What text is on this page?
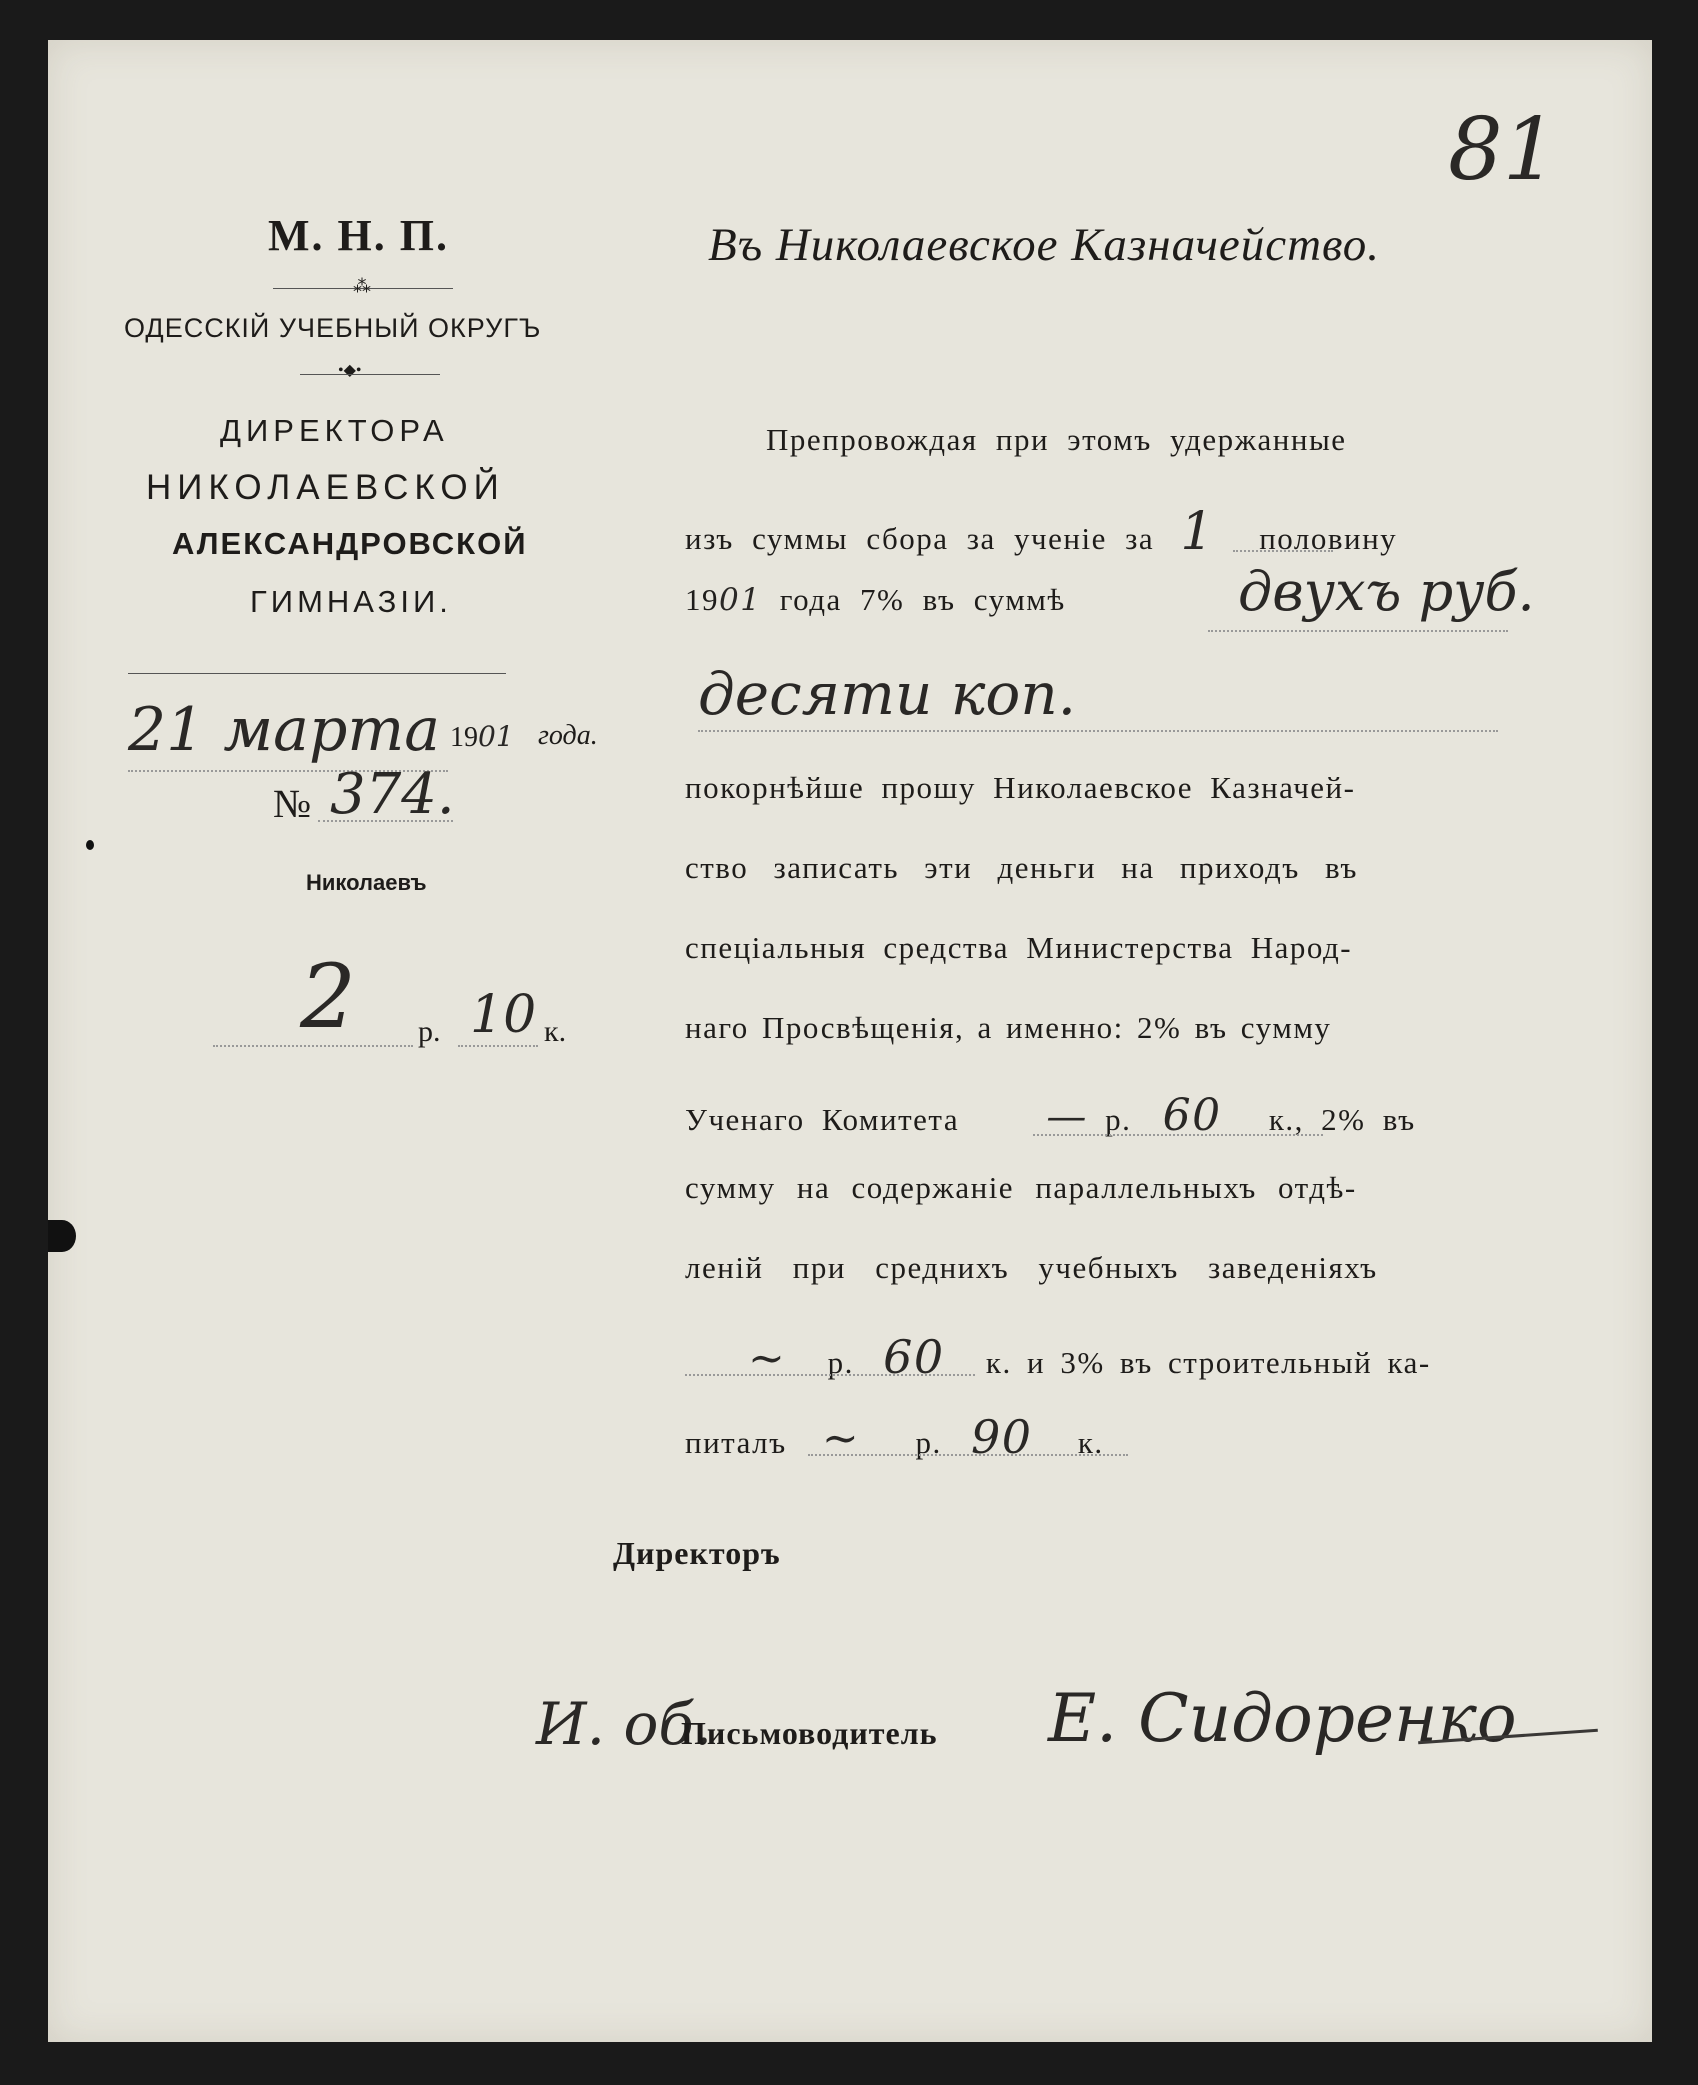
81
М. Н. П.
⁂
ОДЕССКIЙ УЧЕБНЫЙ ОКРУГЪ
•◆•
ДИРЕКТОРА
НИКОЛАЕВСКОЙ
АЛЕКСАНДРОВСКОЙ
ГИМНАЗIИ.
21 марта 1901 года.
№ 374.
Николаевъ
2 р. 10 к.
Въ Николаевское Казначейство.
Препровождая при этомъ удержанные
изъ суммы сбора за ученiе за 1 половину
1901 года 7% въ суммѣ	двухъ руб.
десяти коп.
покорнѣйше прошу Николаевское Казначей-
ство записать эти деньги на приходъ въ
спецiальныя средства Министерства Народ-
наго Просвѣщенiя, а именно: 2% въ сумму
Ученаго Комитета — р. 60 к., 2% въ
сумму на содержанiе параллельныхъ отдѣ-
ленiй при среднихъ учебныхъ заведенiяхъ
~ р. 60 к. и 3% въ строительный ка-
питалъ ~ р. 90 к.
Директоръ
И. об.
Письмоводитель Е. Сидоренко
